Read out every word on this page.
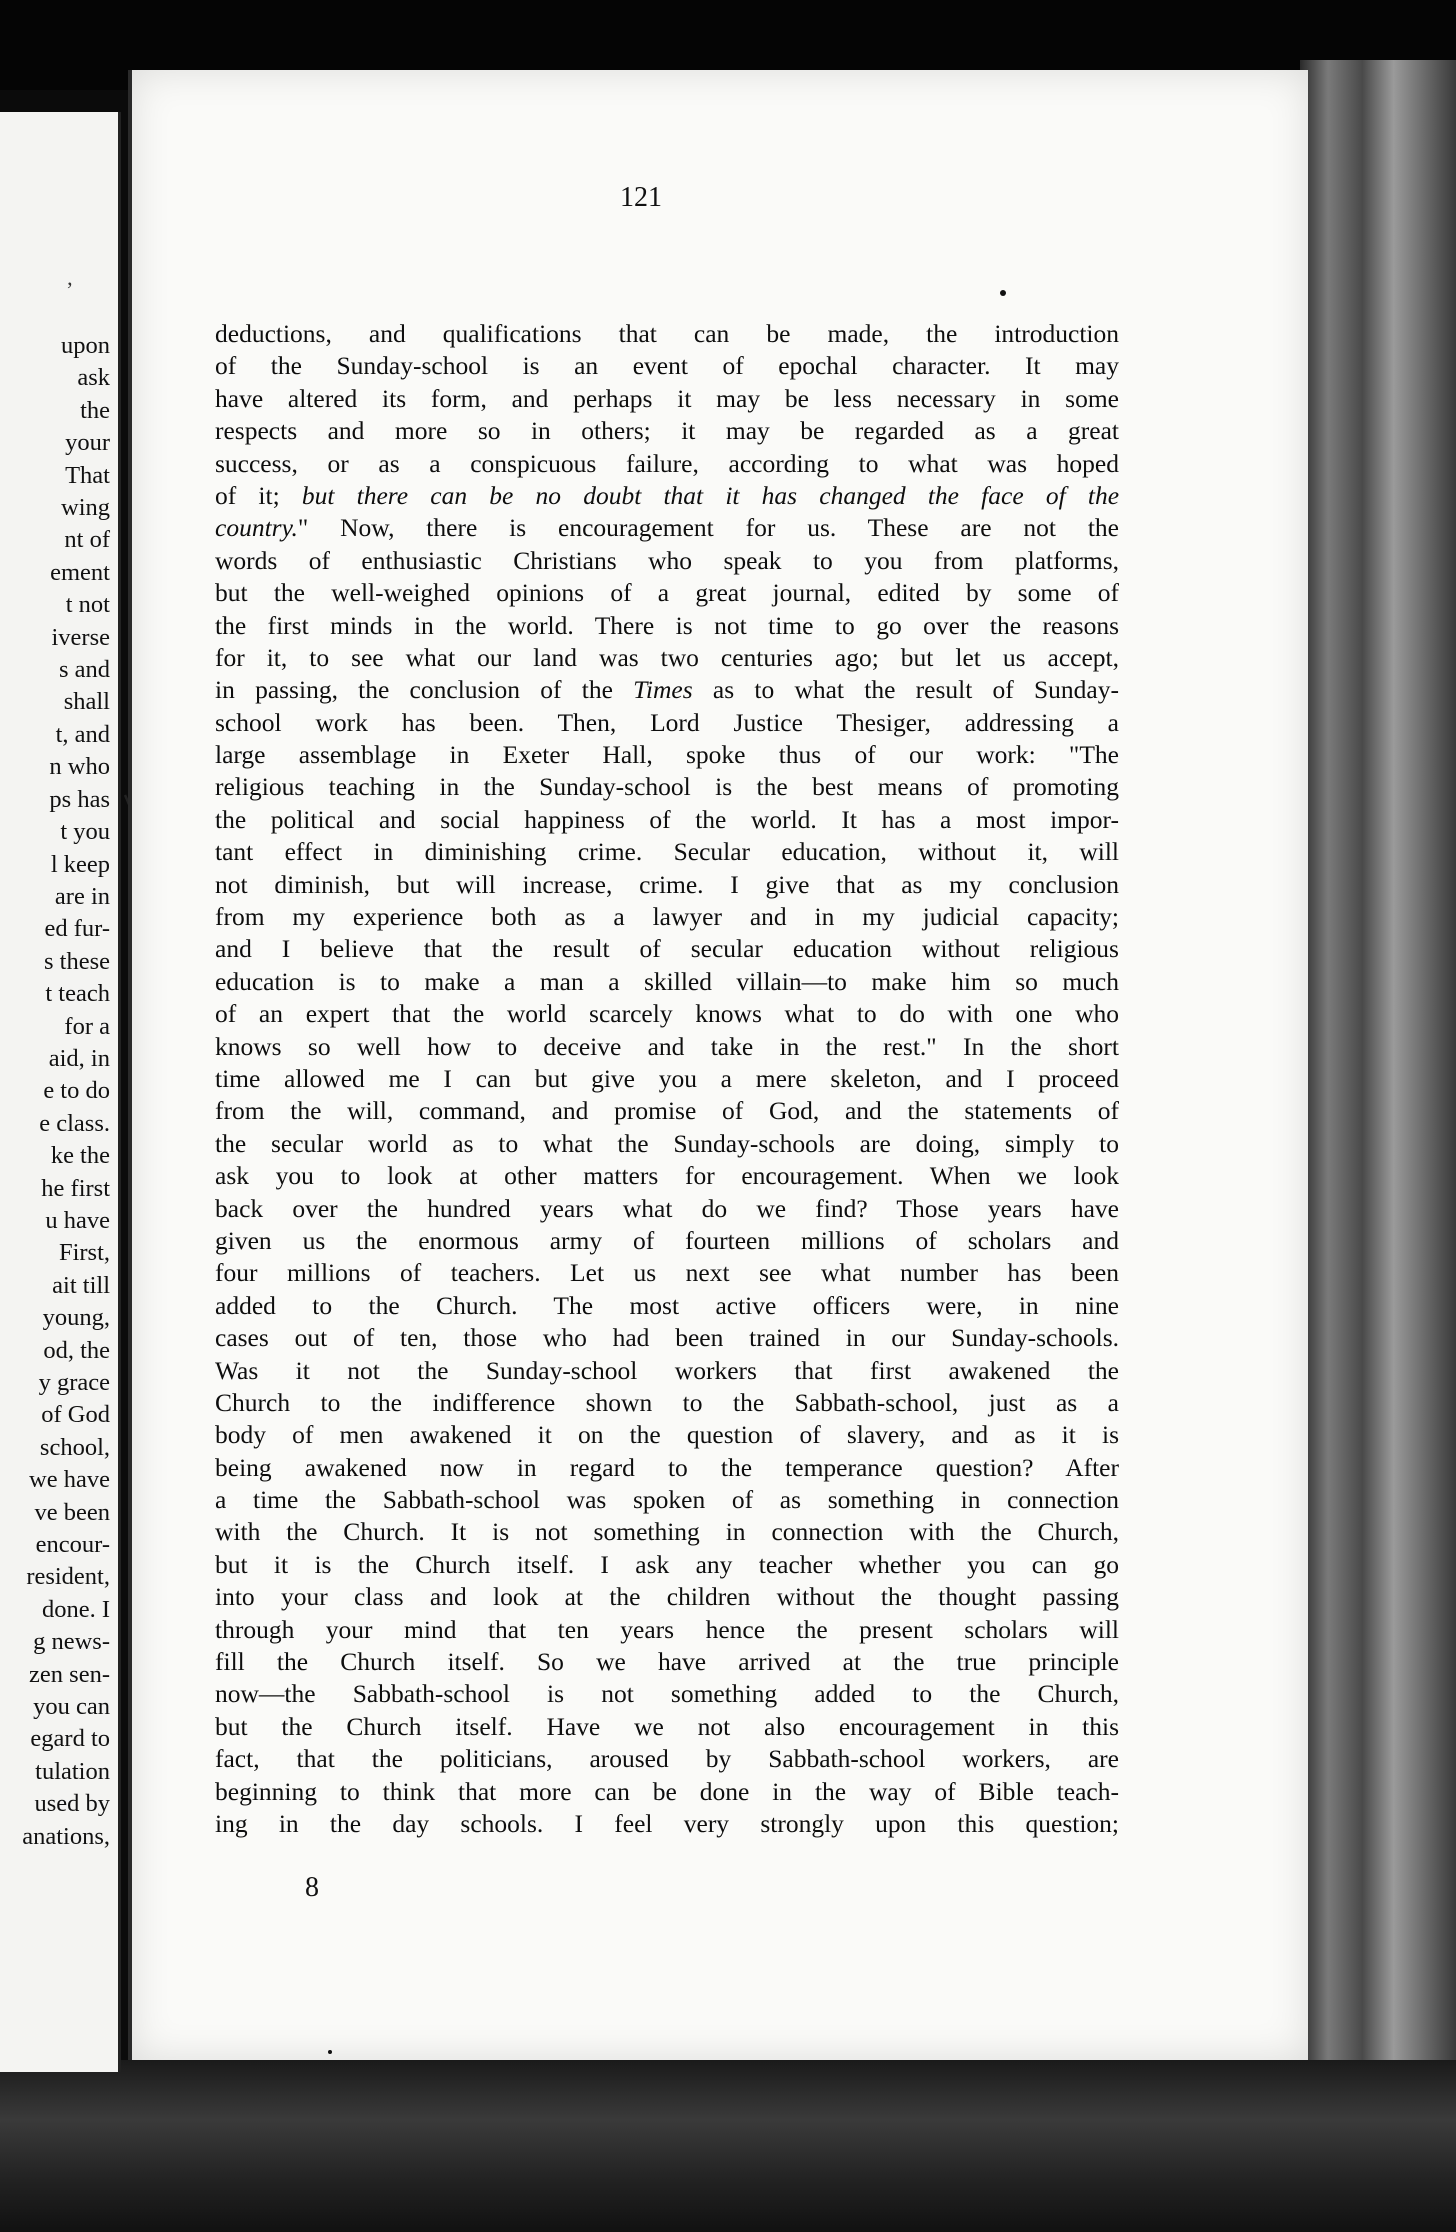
’
upon
ask
the
your
That
wing
nt of
ement
t not
iverse
s and
shall
t, and
n who
ps has
t you
l keep
are in
ed fur-
s these
t teach
for a
aid, in
e to do
e class.
ke the
he first
u have
First,
ait till
young,
od, the
y grace
of God
school,
we have
ve been
encour-
resident,
done. I
g news-
zen sen-
you can
egard to
tulation
used by
anations,
121
deductions, and qualifications that can be made, the introduction
of the Sunday-school is an event of epochal character. It may
have altered its form, and perhaps it may be less necessary in some
respects and more so in others; it may be regarded as a great
success, or as a conspicuous failure, according to what was hoped
of it; but there can be no doubt that it has changed the face of the
country." Now, there is encouragement for us. These are not the
words of enthusiastic Christians who speak to you from platforms,
but the well-weighed opinions of a great journal, edited by some of
the first minds in the world. There is not time to go over the reasons
for it, to see what our land was two centuries ago; but let us accept,
in passing, the conclusion of the Times as to what the result of Sunday-
school work has been. Then, Lord Justice Thesiger, addressing a
large assemblage in Exeter Hall, spoke thus of our work: "The
religious teaching in the Sunday-school is the best means of promoting
the political and social happiness of the world. It has a most impor-
tant effect in diminishing crime. Secular education, without it, will
not diminish, but will increase, crime. I give that as my conclusion
from my experience both as a lawyer and in my judicial capacity;
and I believe that the result of secular education without religious
education is to make a man a skilled villain—to make him so much
of an expert that the world scarcely knows what to do with one who
knows so well how to deceive and take in the rest." In the short
time allowed me I can but give you a mere skeleton, and I proceed
from the will, command, and promise of God, and the statements of
the secular world as to what the Sunday-schools are doing, simply to
ask you to look at other matters for encouragement. When we look
back over the hundred years what do we find? Those years have
given us the enormous army of fourteen millions of scholars and
four millions of teachers. Let us next see what number has been
added to the Church. The most active officers were, in nine
cases out of ten, those who had been trained in our Sunday-schools.
Was it not the Sunday-school workers that first awakened the
Church to the indifference shown to the Sabbath-school, just as a
body of men awakened it on the question of slavery, and as it is
being awakened now in regard to the temperance question? After
a time the Sabbath-school was spoken of as something in connection
with the Church. It is not something in connection with the Church,
but it is the Church itself. I ask any teacher whether you can go
into your class and look at the children without the thought passing
through your mind that ten years hence the present scholars will
fill the Church itself. So we have arrived at the true principle
now—the Sabbath-school is not something added to the Church,
but the Church itself. Have we not also encouragement in this
fact, that the politicians, aroused by Sabbath-school workers, are
beginning to think that more can be done in the way of Bible teach-
ing in the day schools. I feel very strongly upon this question;
8
